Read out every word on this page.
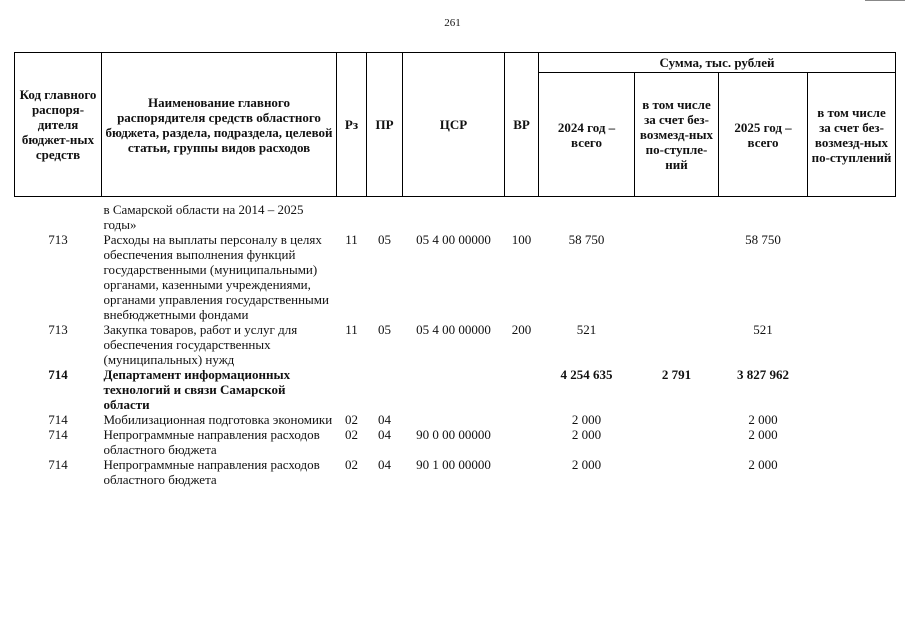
261
Код главного распоря-дителя бюджет-ных средств	Наименование главного распорядителя средств областного бюджета, раздела, подраздела, целевой статьи, группы видов расходов	Рз	ПР	ЦСР	ВР	Сумма, тыс. рублей			
						2024 год – всего	в том числе за счет без-возмезд-ных по-ступле-ний	2025 год – всего	в том числе за счет без-возмезд-ных по-ступлений
	в Самарской области на 2014 – 2025 годы»								
713	Расходы на выплаты персоналу в целях обеспечения выполнения функций государственными (муниципальными) органами, казенными учреждениями, органами управления государственными внебюджетными фондами	11	05	05 4 00 00000	100	58 750		58 750	
713	Закупка товаров, работ и услуг для обеспечения государственных (муниципальных) нужд	11	05	05 4 00 00000	200	521		521	
714	Департамент информационных технологий и связи Самарской области					4 254 635	2 791	3 827 962	
714	Мобилизационная подготовка экономики	02	04			2 000		2 000	
714	Непрограммные направления расходов областного бюджета	02	04	90 0 00 00000		2 000		2 000	
714	Непрограммные направления расходов областного бюджета	02	04	90 1 00 00000		2 000		2 000	
